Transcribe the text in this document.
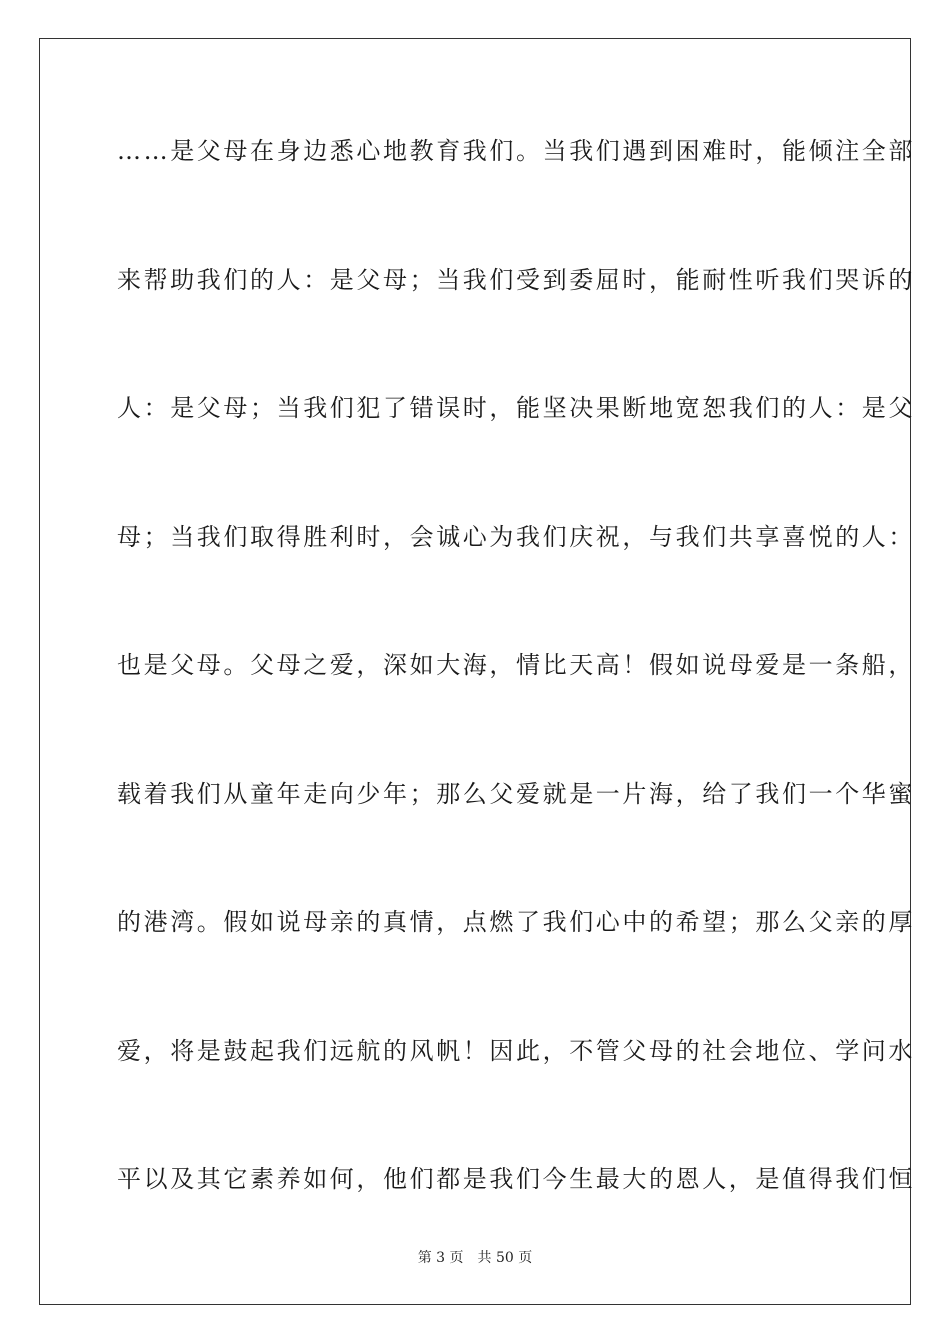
……是父母在身边悉心地教育我们。当我们遇到困难时，能倾注全部
来帮助我们的人：是父母；当我们受到委屈时，能耐性听我们哭诉的
人：是父母；当我们犯了错误时，能坚决果断地宽恕我们的人：是父
母；当我们取得胜利时，会诚心为我们庆祝，与我们共享喜悦的人：
也是父母。父母之爱，深如大海，情比天高！假如说母爱是一条船，
载着我们从童年走向少年；那么父爱就是一片海，给了我们一个华蜜
的港湾。假如说母亲的真情，点燃了我们心中的希望；那么父亲的厚
爱，将是鼓起我们远航的风帆！因此，不管父母的社会地位、学问水
平以及其它素养如何，他们都是我们今生最大的恩人，是值得我们恒
第 3 页 共 50 页
